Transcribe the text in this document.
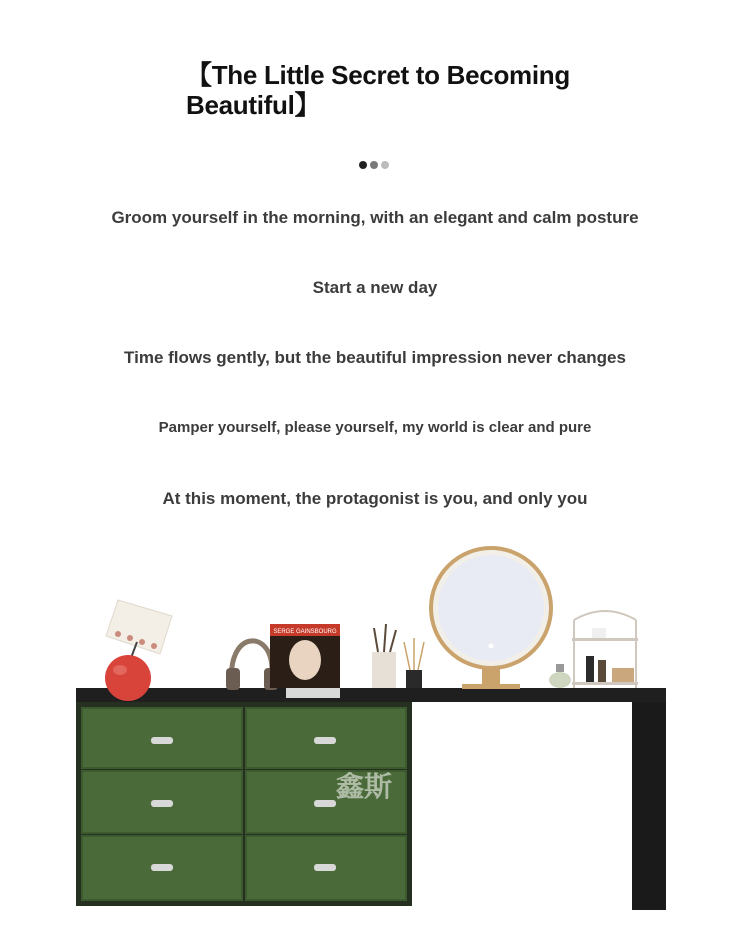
【The Little Secret to Becoming Beautiful】
Groom yourself in the morning, with an elegant and calm posture
Start a new day
Time flows gently, but the beautiful impression never changes
Pamper yourself, please yourself, my world is clear and pure
At this moment, the protagonist is you, and only you
SERGE GAINSBOURG
鑫斯
